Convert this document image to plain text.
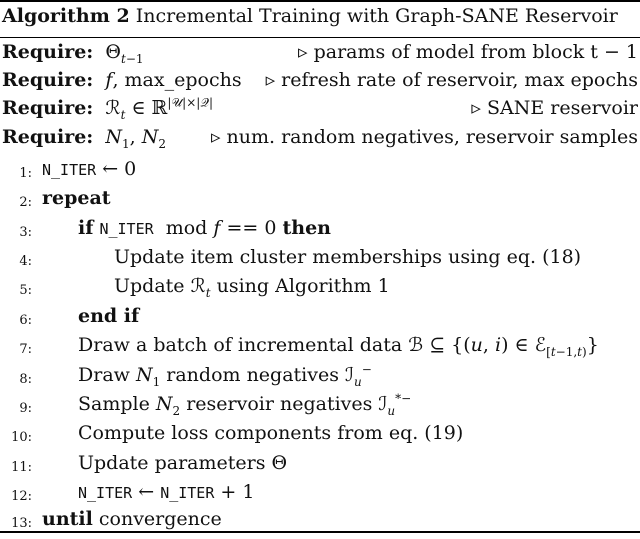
Algorithm 2 Incremental Training with Graph-SANE Reservoir
Require: $\Theta_{t-1}$	▹ params of model from block t − 1
Require: f, max_epochs ▹ refresh rate of reservoir, max epochs
Require: ℛ$_t$ ∈ ℝ$^{|𝒰|\times|𝒬|}$	▹ SANE reservoir
Require: $N_1$, $N_2$ ▹ num. random negatives, reservoir samples
1: N_ITER ← 0
2: repeat
3: if N_ITER  mod f == 0 then
4:	Update item cluster memberships using eq. (18)
5:	Update ℛ$_t$ using Algorithm 1
6: end if
7: Draw a batch of incremental data ℬ ⊆ {(u, i) ∈ ℰ$_{[t-1,t)}$}
8: Draw $N_1$ random negatives ℐ$_u$−
9: Sample $N_2$ reservoir negatives ℐ$_u$*−
10: Compute loss components from eq. (19)
11: Update parameters Θ
12:	N_ITER ← N_ITER + 1
13: until convergence
